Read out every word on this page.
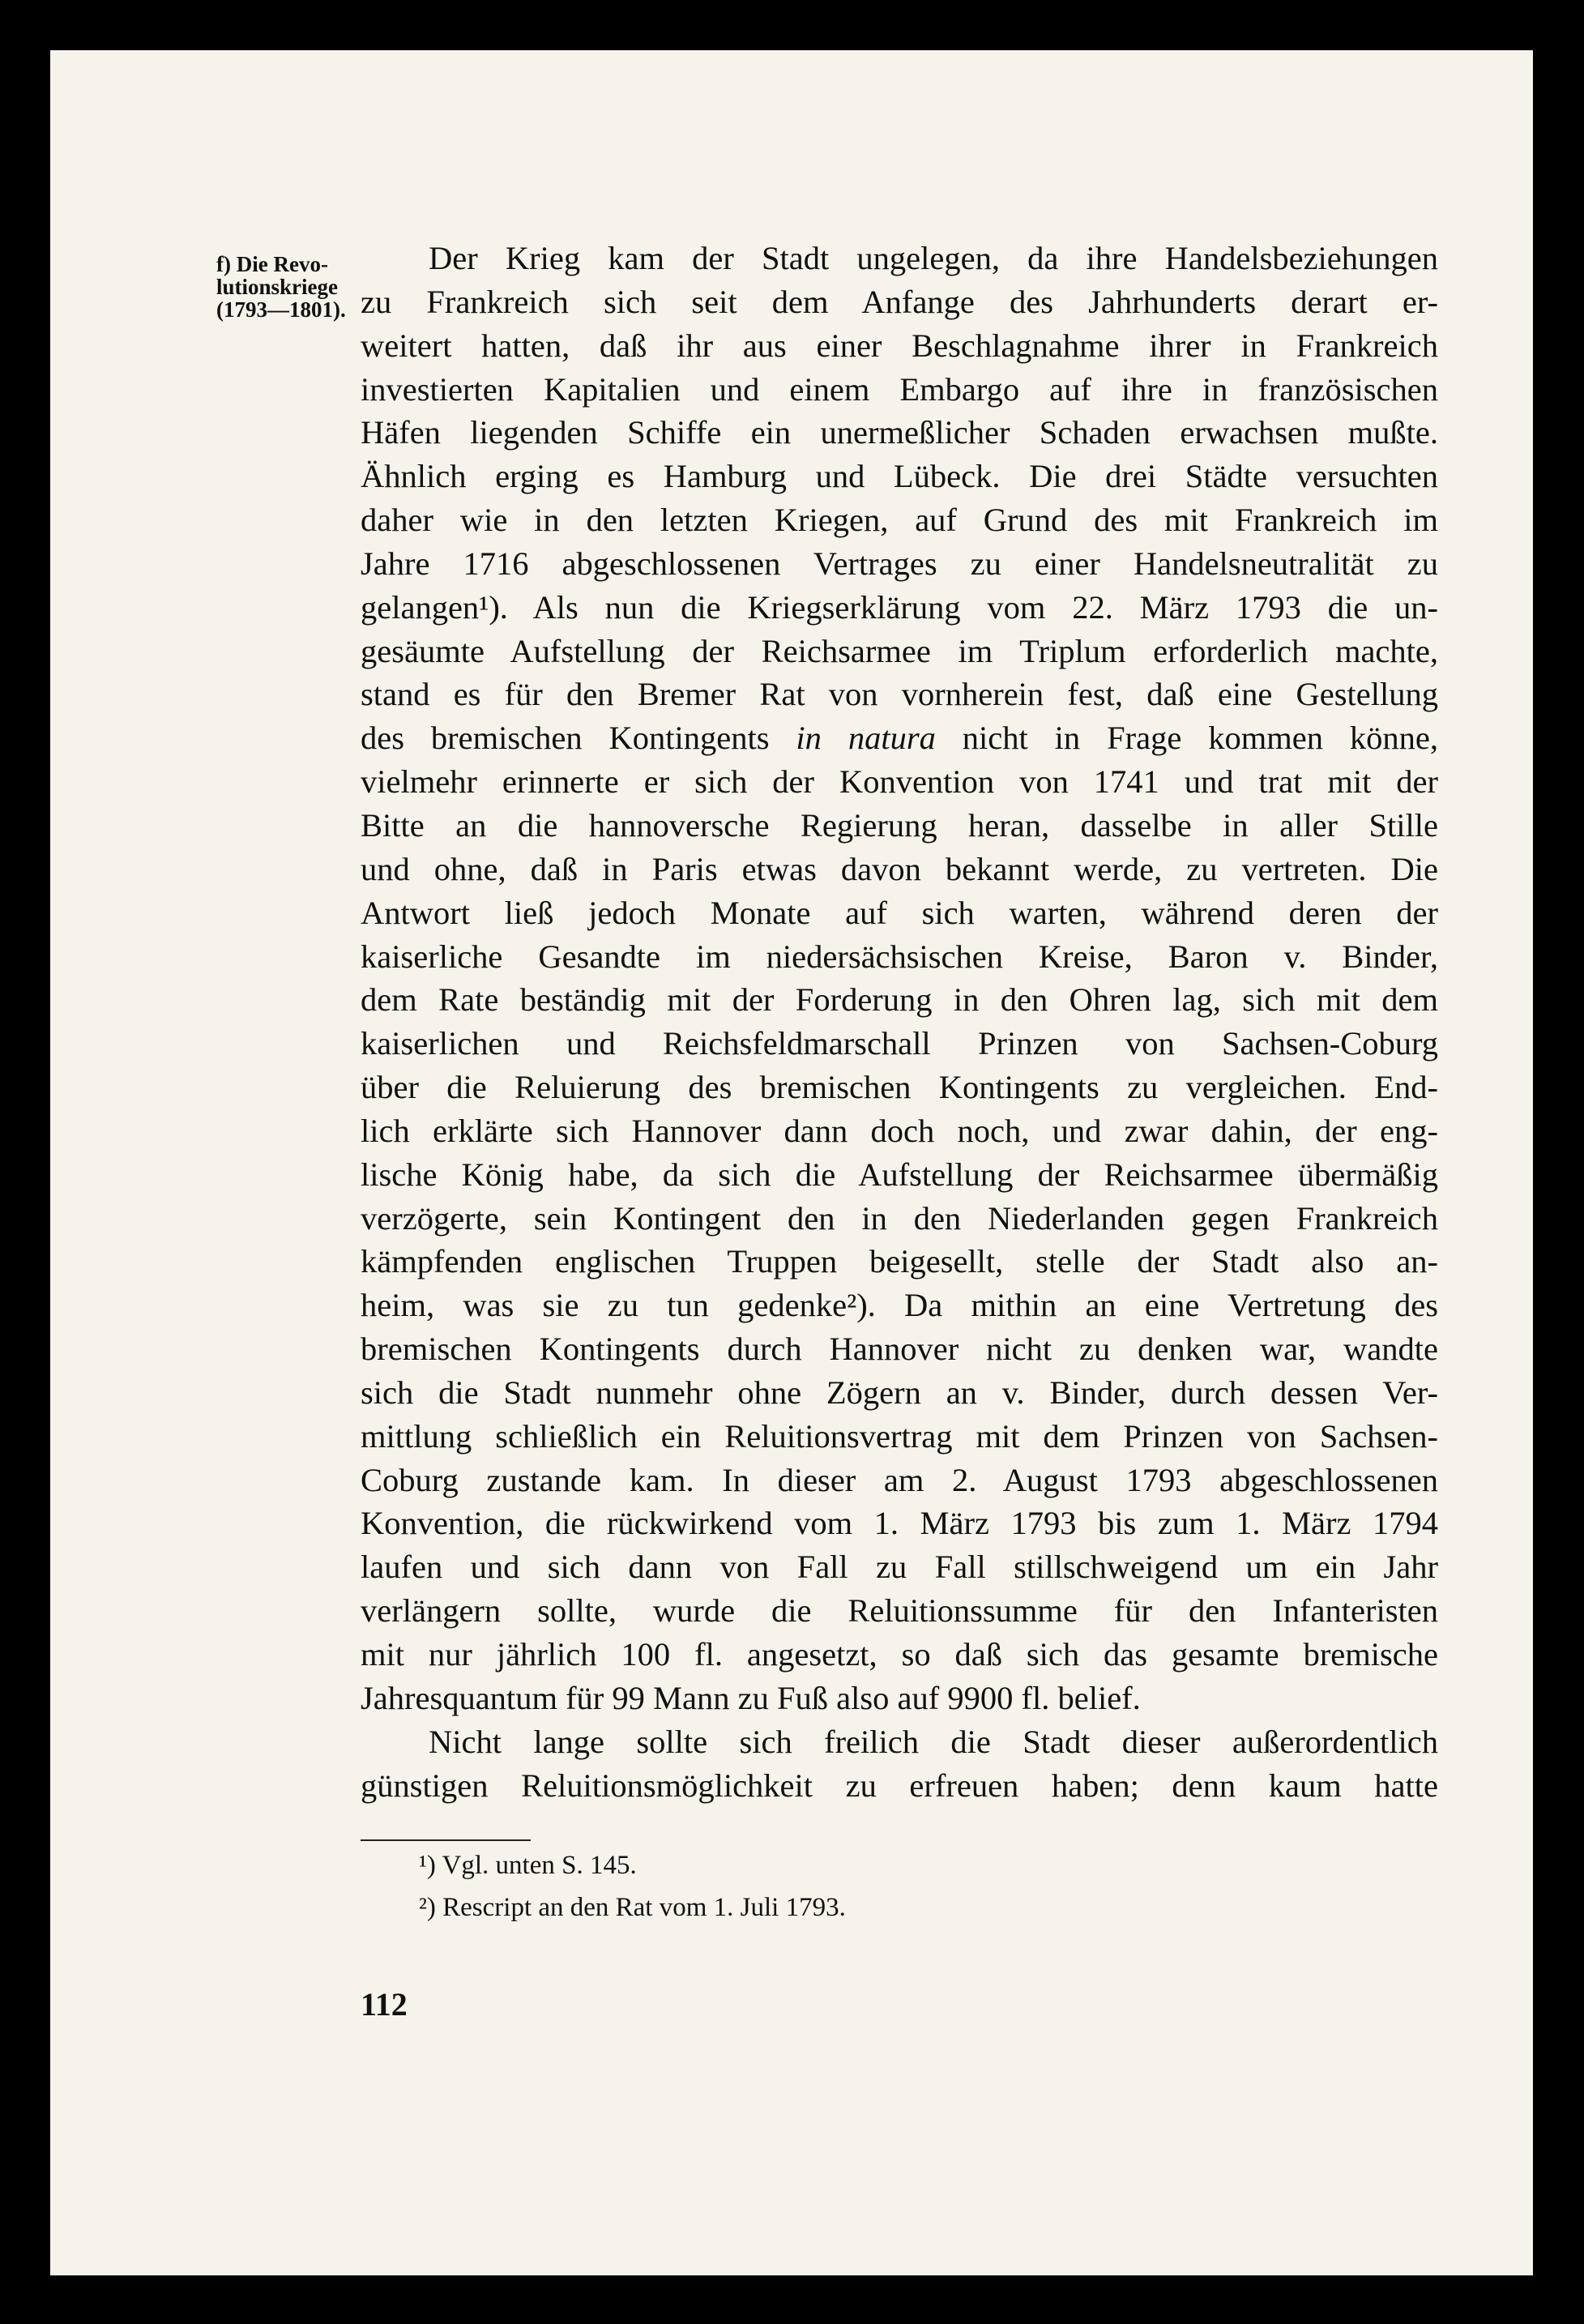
f) Die Revo-
lutionskriege
(1793—1801).
Der Krieg kam der Stadt ungelegen, da ihre Handelsbeziehungen
zu Frankreich sich seit dem Anfange des Jahrhunderts derart er-
weitert hatten, daß ihr aus einer Beschlagnahme ihrer in Frankreich
investierten Kapitalien und einem Embargo auf ihre in französischen
Häfen liegenden Schiffe ein unermeßlicher Schaden erwachsen mußte.
Ähnlich erging es Hamburg und Lübeck. Die drei Städte versuchten
daher wie in den letzten Kriegen, auf Grund des mit Frankreich im
Jahre 1716 abgeschlossenen Vertrages zu einer Handelsneutralität zu
gelangen¹). Als nun die Kriegserklärung vom 22. März 1793 die un-
gesäumte Aufstellung der Reichsarmee im Triplum erforderlich machte,
stand es für den Bremer Rat von vornherein fest, daß eine Gestellung
des bremischen Kontingents in natura nicht in Frage kommen könne,
vielmehr erinnerte er sich der Konvention von 1741 und trat mit der
Bitte an die hannoversche Regierung heran, dasselbe in aller Stille
und ohne, daß in Paris etwas davon bekannt werde, zu vertreten. Die
Antwort ließ jedoch Monate auf sich warten, während deren der
kaiserliche Gesandte im niedersächsischen Kreise, Baron v. Binder,
dem Rate beständig mit der Forderung in den Ohren lag, sich mit dem
kaiserlichen und Reichsfeldmarschall Prinzen von Sachsen-Coburg
über die Reluierung des bremischen Kontingents zu vergleichen. End-
lich erklärte sich Hannover dann doch noch, und zwar dahin, der eng-
lische König habe, da sich die Aufstellung der Reichsarmee übermäßig
verzögerte, sein Kontingent den in den Niederlanden gegen Frankreich
kämpfenden englischen Truppen beigesellt, stelle der Stadt also an-
heim, was sie zu tun gedenke²). Da mithin an eine Vertretung des
bremischen Kontingents durch Hannover nicht zu denken war, wandte
sich die Stadt nunmehr ohne Zögern an v. Binder, durch dessen Ver-
mittlung schließlich ein Reluitionsvertrag mit dem Prinzen von Sachsen-
Coburg zustande kam. In dieser am 2. August 1793 abgeschlossenen
Konvention, die rückwirkend vom 1. März 1793 bis zum 1. März 1794
laufen und sich dann von Fall zu Fall stillschweigend um ein Jahr
verlängern sollte, wurde die Reluitionssumme für den Infanteristen
mit nur jährlich 100 fl. angesetzt, so daß sich das gesamte bremische
Jahresquantum für 99 Mann zu Fuß also auf 9900 fl. belief.
Nicht lange sollte sich freilich die Stadt dieser außerordentlich
günstigen Reluitionsmöglichkeit zu erfreuen haben; denn kaum hatte
¹) Vgl. unten S. 145.
²) Rescript an den Rat vom 1. Juli 1793.
112
